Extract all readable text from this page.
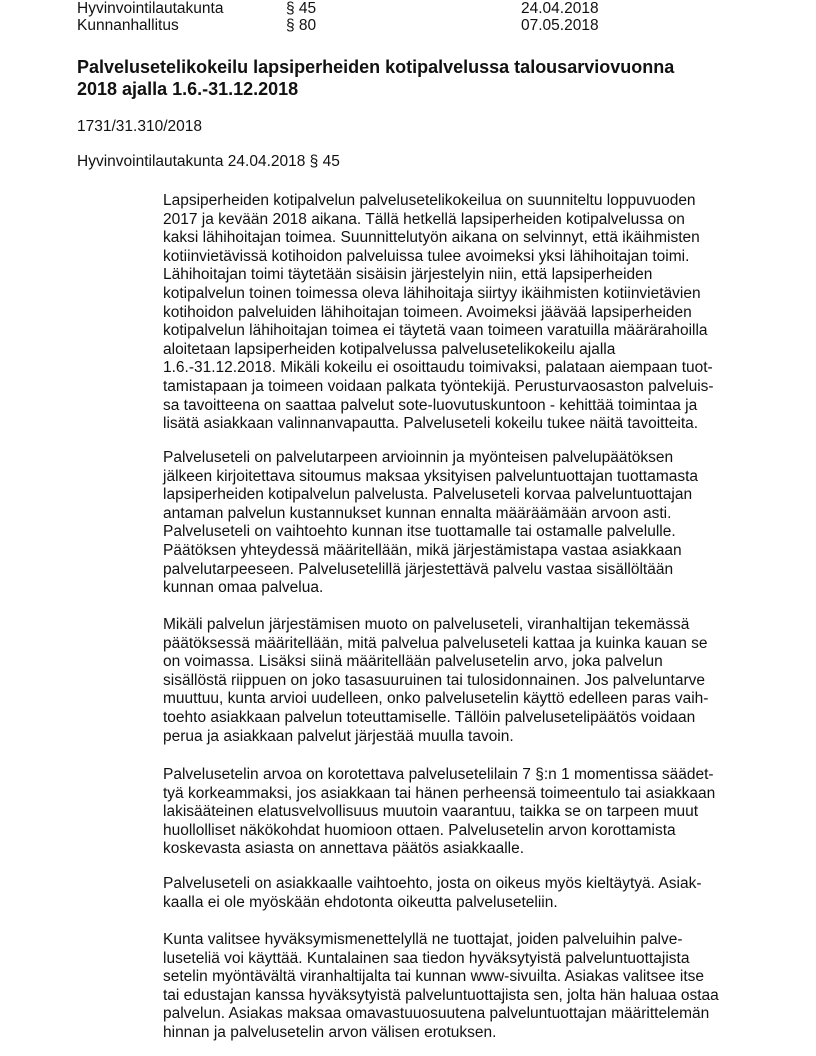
Hyvinvointilautakunta	§ 45	24.04.2018
Kunnanhallitus	§ 80	07.05.2018
Palvelusetelikokeilu lapsiperheiden kotipalvelussa talousarviovuonna
2018 ajalla 1.6.-31.12.2018

1731/31.310/2018

Hyvinvointilautakunta 24.04.2018 § 45

Lapsiperheiden kotipalvelun palvelusetelikokeilua on suunniteltu loppuvuoden
2017 ja kevään 2018 aikana. Tällä hetkellä lapsiperheiden kotipalvelussa on
kaksi lähihoitajan toimea. Suunnittelutyön aikana on selvinnyt, että ikäihmisten
kotiinvietävissä kotihoidon palveluissa tulee avoimeksi yksi lähihoitajan toimi.
Lähihoitajan toimi täytetään sisäisin järjestelyin niin, että lapsiperheiden
kotipalvelun toinen toimessa oleva lähihoitaja siirtyy ikäihmisten kotiinvietävien
kotihoidon palveluiden lähihoitajan toimeen. Avoimeksi jäävää lapsiperheiden
kotipalvelun lähihoitajan toimea ei täytetä vaan toimeen varatuilla määrärahoilla
aloitetaan lapsiperheiden kotipalvelussa palvelusetelikokeilu ajalla
1.6.-31.12.2018. Mikäli kokeilu ei osoittaudu toimivaksi, palataan aiempaan tuot-
tamistapaan ja toimeen voidaan palkata työntekijä. Perusturvaosaston palveluis-
sa tavoitteena on saattaa palvelut sote-luovutuskuntoon - kehittää toimintaa ja
lisätä asiakkaan valinnanvapautta. Palveluseteli kokeilu tukee näitä tavoitteita.

Palveluseteli on palvelutarpeen arvioinnin ja myönteisen palvelupäätöksen
jälkeen kirjoitettava sitoumus maksaa yksityisen palveluntuottajan tuottamasta
lapsiperheiden kotipalvelun palvelusta. Palveluseteli korvaa palveluntuottajan
antaman palvelun kustannukset kunnan ennalta määräämään arvoon asti.
Palveluseteli on vaihtoehto kunnan itse tuottamalle tai ostamalle palvelulle.
Päätöksen yhteydessä määritellään, mikä järjestämistapa vastaa asiakkaan
palvelutarpeeseen. Palvelusetelillä järjestettävä palvelu vastaa sisällöltään
kunnan omaa palvelua.

Mikäli palvelun järjestämisen muoto on palveluseteli, viranhaltijan tekemässä
päätöksessä määritellään, mitä palvelua palveluseteli kattaa ja kuinka kauan se
on voimassa. Lisäksi siinä määritellään palvelusetelin arvo, joka palvelun
sisällöstä riippuen on joko tasasuuruinen tai tulosidonnainen. Jos palveluntarve
muuttuu, kunta arvioi uudelleen, onko palvelusetelin käyttö edelleen paras vaih-
toehto asiakkaan palvelun toteuttamiselle. Tällöin palvelusetelipäätös voidaan
perua ja asiakkaan palvelut järjestää muulla tavoin.

Palvelusetelin arvoa on korotettava palvelusetelilain 7 §:n 1 momentissa säädet-
tyä korkeammaksi, jos asiakkaan tai hänen perheensä toimeentulo tai asiakkaan
lakisääteinen elatusvelvollisuus muutoin vaarantuu, taikka se on tarpeen muut
huollolliset näkökohdat huomioon ottaen. Palvelusetelin arvon korottamista
koskevasta asiasta on annettava päätös asiakkaalle.

Palveluseteli on asiakkaalle vaihtoehto, josta on oikeus myös kieltäytyä. Asiak-
kaalla ei ole myöskään ehdotonta oikeutta palveluseteliin.

Kunta valitsee hyväksymismenettelyllä ne tuottajat, joiden palveluihin palve-
luseteliä voi käyttää. Kuntalainen saa tiedon hyväksytyistä palveluntuottajista
setelin myöntävältä viranhaltijalta tai kunnan www-sivuilta. Asiakas valitsee itse
tai edustajan kanssa hyväksytyistä palveluntuottajista sen, jolta hän haluaa ostaa
palvelun. Asiakas maksaa omavastuuosuutena palveluntuottajan määrittelemän
hinnan ja palvelusetelin arvon välisen erotuksen.
